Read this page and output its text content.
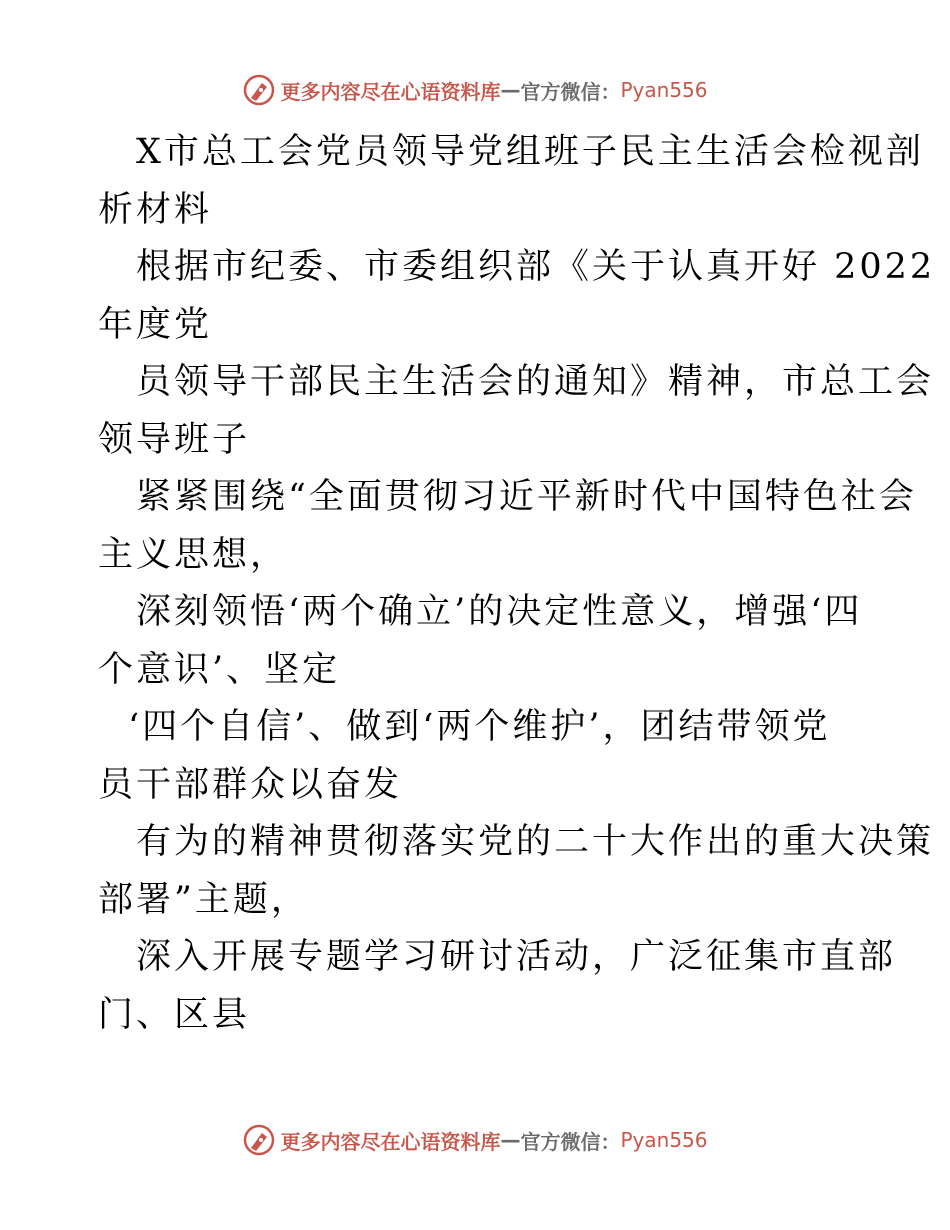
更多内容尽在心语资料库 — 官方微信： Pyan556

X市总工会党员领导党组班子民主生活会检视剖

析材料

根据市纪委、市委组织部《关于认真开好 2022

年度党

员领导干部民主生活会的通知》精神，市总工会

领导班子

紧紧围绕“全面贯彻习近平新时代中国特色社会

主义思想，

深刻领悟‘两个确立’的决定性意义，增强‘四

个意识’、坚定

‘四个自信’、做到‘两个维护’，团结带领党

员干部群众以奋发

有为的精神贯彻落实党的二十大作出的重大决策

部署”主题，

深入开展专题学习研讨活动，广泛征集市直部

门、区县

更多内容尽在心语资料库 — 官方微信： Pyan556
